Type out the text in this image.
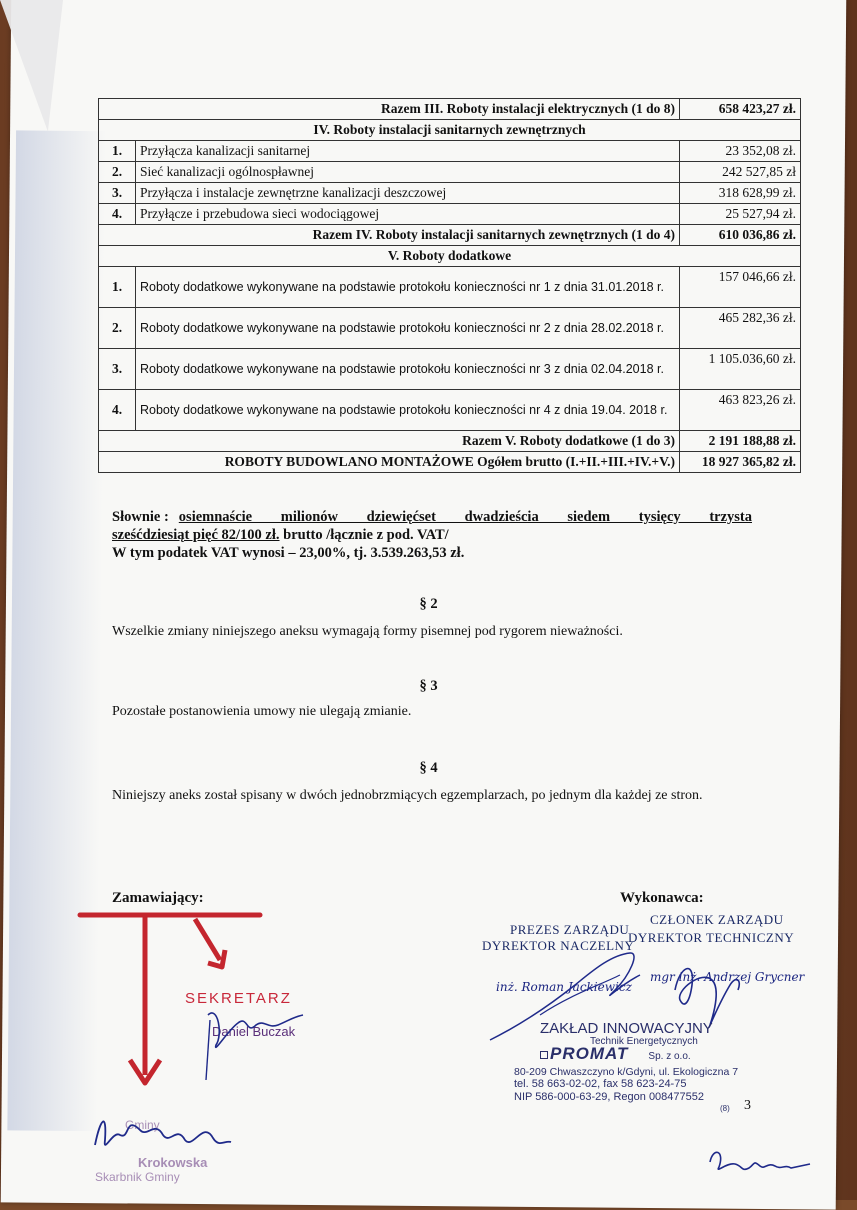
Razem III. Roboty instalacji elektrycznych (1 do 8)		658 423,27 zł.
IV. Roboty instalacji sanitarnych zewnętrznych		
1.	Przyłącza kanalizacji sanitarnej	23 352,08 zł.
2.	Sieć kanalizacji ogólnospławnej	242 527,85 zł
3.	Przyłącza i instalacje zewnętrzne kanalizacji deszczowej	318 628,99 zł.
4.	Przyłącze i przebudowa sieci wodociągowej	25 527,94 zł.
Razem IV. Roboty instalacji sanitarnych zewnętrznych (1 do 4)		610 036,86 zł.
V. Roboty dodatkowe		
1.	Roboty dodatkowe wykonywane na podstawie protokołu konieczności nr 1 z dnia 31.01.2018 r.	157 046,66 zł.
2.	Roboty dodatkowe wykonywane na podstawie protokołu konieczności nr 2 z dnia 28.02.2018 r.	465 282,36 zł.
3.	Roboty dodatkowe wykonywane na podstawie protokołu konieczności nr 3 z dnia 02.04.2018 r.	1 105.036,60 zł.
4.	Roboty dodatkowe wykonywane na podstawie protokołu konieczności nr 4 z dnia 19.04. 2018 r.	463 823,26 zł.
Razem V. Roboty dodatkowe (1 do 3)		2 191 188,88 zł.
ROBOTY BUDOWLANO MONTAŻOWE Ogółem brutto (I.+II.+III.+IV.+V.)		18 927 365,82 zł.
Słownie : osiemnaście milionów dziewięćset dwadzieścia siedem tysięcy trzysta
sześćdziesiąt pięć 82/100 zł. brutto /łącznie z pod. VAT/
W tym podatek VAT wynosi – 23,00%, tj. 3.539.263,53 zł.
§ 2
Wszelkie zmiany niniejszego aneksu wymagają formy pisemnej pod rygorem nieważności.
§ 3
Pozostałe postanowienia umowy nie ulegają zmianie.
§ 4
Niniejszy aneks został spisany w dwóch jednobrzmiących egzemplarzach, po jednym dla każdej ze stron.
Zamawiający:	Wykonawca:
SEKRETARZ
Daniel Buczak
Gminy
Krokowska
Skarbnik Gminy
PREZES ZARZĄDU
DYREKTOR NACZELNY
CZŁONEK ZARZĄDU
DYREKTOR TECHNICZNY
inż. Roman Jackiewicz
mgr inż. Andrzej Grycner
ZAKŁAD INNOWACYJNY
Technik Energetycznych
PROMAT Sp. z o.o.
80-209 Chwaszczyno k/Gdyni, ul. Ekologiczna 7
tel. 58 663-02-02, fax 58 623-24-75
NIP 586-000-63-29, Regon 008477552
(8) 3
